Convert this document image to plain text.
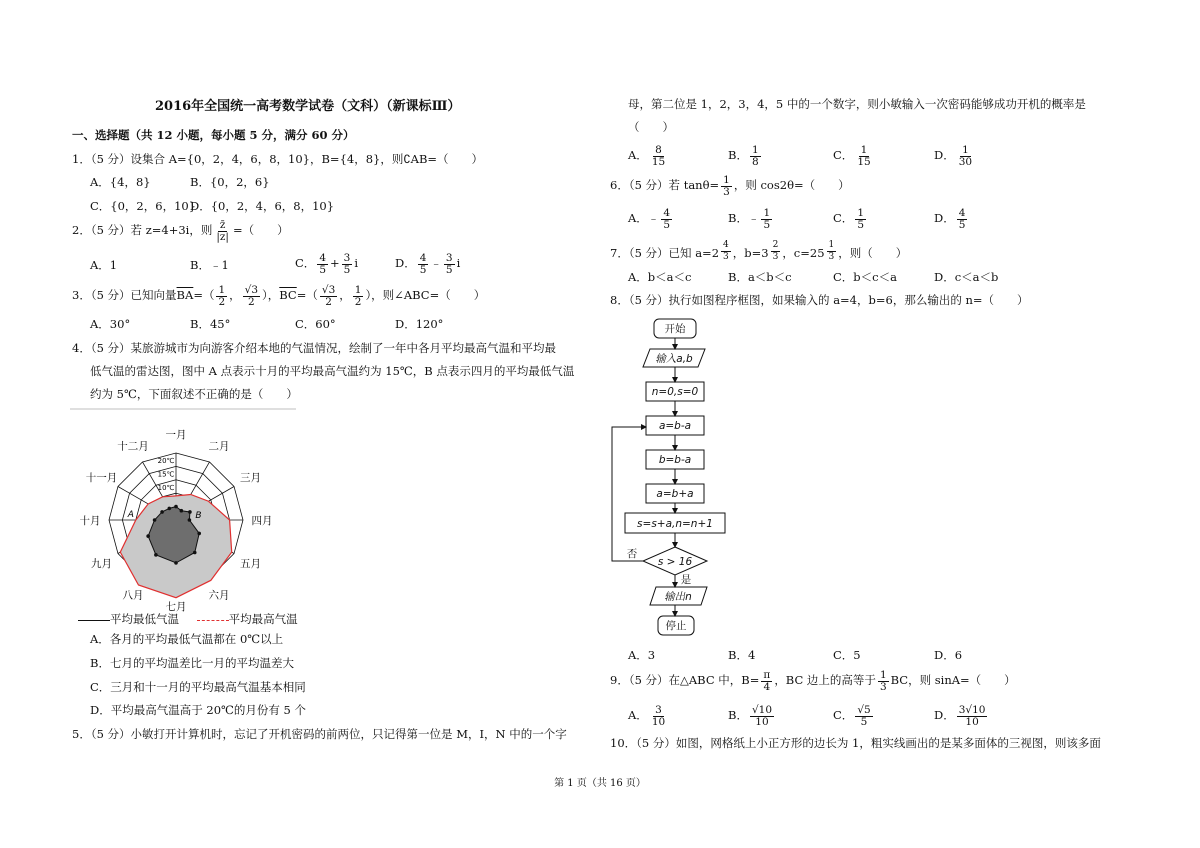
2016年全国统一高考数学试卷（文科）（新课标Ⅲ）
一、选择题（共 12 小题，每小题 5 分，满分 60 分）
1．（5 分）设集合 A={0，2，4，6，8，10}，B={4，8}，则∁AB=（　　）
A．{4，8}	B．{0，2，6}
C．{0，2，6，10}
D．{0，2，4，6，8，10}
2．（5 分）若 z=4+3i，则 $\frac{z̄}{|z|}$ =（　　）
A．1	B．﹣1	C． $\frac{4}{5} + \frac{3}{5}$ i	D． $\frac{4}{5}$ ﹣ $\frac{3}{5}$ i
3．（5 分）已知向量$\overline{BA}=( \frac{1}{2}$ ， $\frac{√3}{2}$ ），$\overline{BC}=( \frac{√3}{2}$ ， $\frac{1}{2}$ ），则∠ABC=（　　）
A．30°	B．45°	C．60°	D．120°
4．（5 分）某旅游城市为向游客介绍本地的气温情况，绘制了一年中各月平均最高气温和平均最
低气温的雷达图，图中 A 点表示十月的平均最高气温约为 15℃，B 点表示四月的平均最低气温
约为 5℃，下面叙述不正确的是（　　）
一月
二月
三月
四月
五月
六月
七月
八月
九月
十月
十一月
十二月
20℃
15℃
10℃
A	B
平均最低气温	平均最高气温
A．各月的平均最低气温都在 0℃以上
B．七月的平均温差比一月的平均温差大
C．三月和十一月的平均最高气温基本相同
D．平均最高气温高于 20℃的月份有 5 个
5．（5 分）小敏打开计算机时，忘记了开机密码的前两位，只记得第一位是 M，I，N 中的一个字
母，第二位是 1，2，3，4，5 中的一个数字，则小敏输入一次密码能够成功开机的概率是
（　　）
A． $\frac{8}{15}$	B． $\frac{1}{8}$	C． $\frac{1}{15}$	D． $\frac{1}{30}$
6．（5 分）若 $\tan\theta= \frac{1}{3}$ ，则 cos2θ=（　　）
A．﹣ $\frac{4}{5}$	B．﹣ $\frac{1}{5}$	C． $\frac{1}{5}$	D． $\frac{4}{5}$
7．（5 分）已知 a=2 $^{\frac{4}{3}}$ ，b=3 $^{\frac{2}{3}}$ ，c=25 $^{\frac{1}{3}}$ ，则（　　）
A．b＜a＜c	B．a＜b＜c	C．b＜c＜a	D．c＜a＜b
8．（5 分）执行如图程序框图，如果输入的 a=4，b=6，那么输出的 n=（　　）
开始
输入a,b
n=0,s=0
a=b-a
b=b-a
a=b+a
s=s+a,n=n+1
s > 16
否
是
输出n
停止
A．3	B．4	C．5	D．6
9．（5 分）在△ABC 中，$B= \frac{\pi}{4}$ ，BC 边上的高等于 $\frac{1}{3}$ BC，则 sinA=（　　）
A． $\frac{3}{10}$	B． $\frac{√10}{10}$	C． $\frac{√5}{5}$	D． $\frac{3√10}{10}$
10．（5 分）如图，网格纸上小正方形的边长为 1，粗实线画出的是某多面体的三视图，则该多面
第 1 页（共 16 页）
